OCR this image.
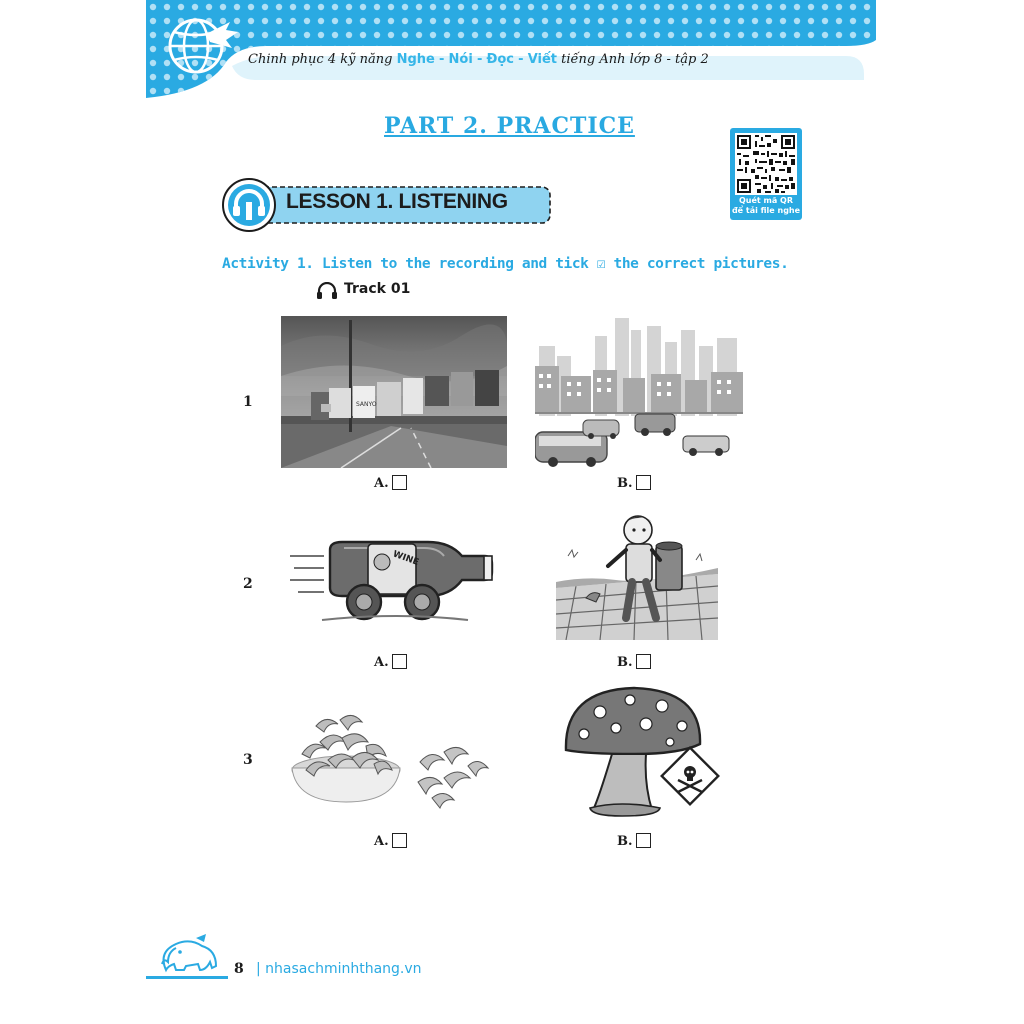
Chinh phục 4 kỹ năng Nghe - Nói - Đọc - Viết tiếng Anh lớp 8 - tập 2
PART 2. PRACTICE
Quét mã QR
để tải file nghe
LESSON 1. LISTENING
Activity 1. Listen to the recording and tick ☑ the correct pictures.
Track 01
1	SANYO
A.	B.
2
WINE
A.	B.
3
A.	B.
8 | nhasachminhthang.vn
